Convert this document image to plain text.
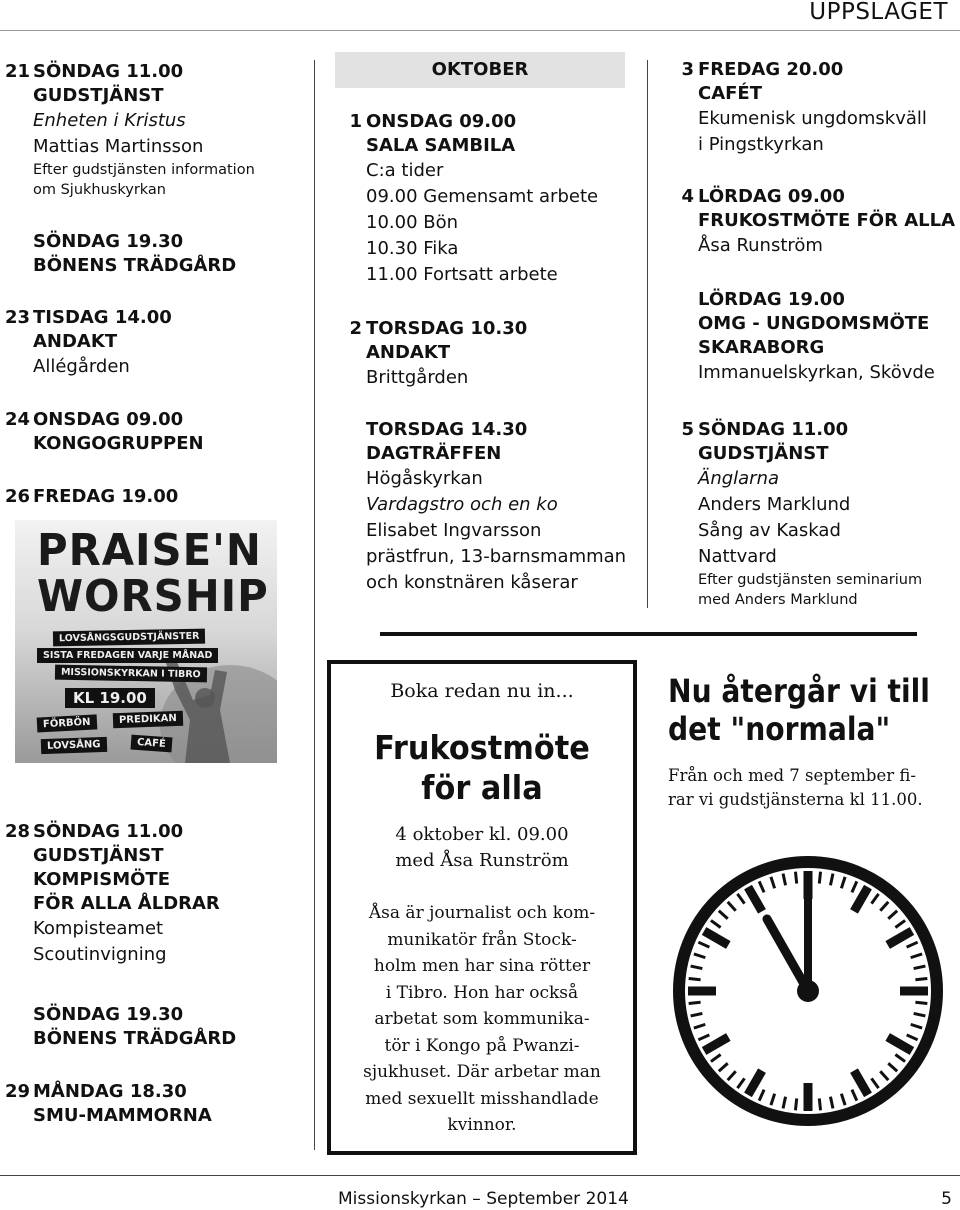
UPPSLAGET
21 SÖNDAG 11.00
GUDSTJÄNST
Enheten i Kristus
Mattias Martinsson
Efter gudstjänsten information
om Sjukhuskyrkan
SÖNDAG 19.30
BÖNENS TRÄDGÅRD
23 TISDAG 14.00
ANDAKT
Allégården
24 ONSDAG 09.00
KONGOGRUPPEN
26 FREDAG 19.00
PRAISE'N
WORSHIP
LOVSÅNGSGUDSTJÄNSTER
SISTA FREDAGEN VARJE MÅNAD
MISSIONSKYRKAN I TIBRO
KL 19.00
FÖRBÖN	PREDIKAN
LOVSÅNG	CAFÉ
28 SÖNDAG 11.00
GUDSTJÄNST
KOMPISMÖTE
FÖR ALLA ÅLDRAR
Kompisteamet
Scoutinvigning
SÖNDAG 19.30
BÖNENS TRÄDGÅRD
29 MÅNDAG 18.30
SMU-MAMMORNA
OKTOBER
1 ONSDAG 09.00
SALA SAMBILA
C:a tider
09.00 Gemensamt arbete
10.00 Bön
10.30 Fika
11.00 Fortsatt arbete
2 TORSDAG 10.30
ANDAKT
Brittgården
TORSDAG 14.30
DAGTRÄFFEN
Högåskyrkan
Vardagstro och en ko
Elisabet Ingvarsson
prästfrun, 13-barnsmamman
och konstnären kåserar
3 FREDAG 20.00
CAFÉT
Ekumenisk ungdomskväll
i Pingstkyrkan
4 LÖRDAG 09.00
FRUKOSTMÖTE FÖR ALLA
Åsa Runström
LÖRDAG 19.00
OMG - UNGDOMSMÖTE
SKARABORG
Immanuelskyrkan, Skövde
5 SÖNDAG 11.00
GUDSTJÄNST
Änglarna
Anders Marklund
Sång av Kaskad
Nattvard
Efter gudstjänsten seminarium
med Anders Marklund
Boka redan nu in...
Frukostmöte
för alla
4 oktober kl. 09.00
med Åsa Runström
Åsa är journalist och kom-
munikatör från Stock-
holm men har sina rötter
i Tibro. Hon har också
arbetat som kommunika-
tör i Kongo på Pwanzi-
sjukhuset. Där arbetar man
med sexuellt misshandlade
kvinnor.
Nu återgår vi till
det "normala"
Från och med 7 september fi-
rar vi gudstjänsterna kl 11.00.
Missionskyrkan – September 2014	5
